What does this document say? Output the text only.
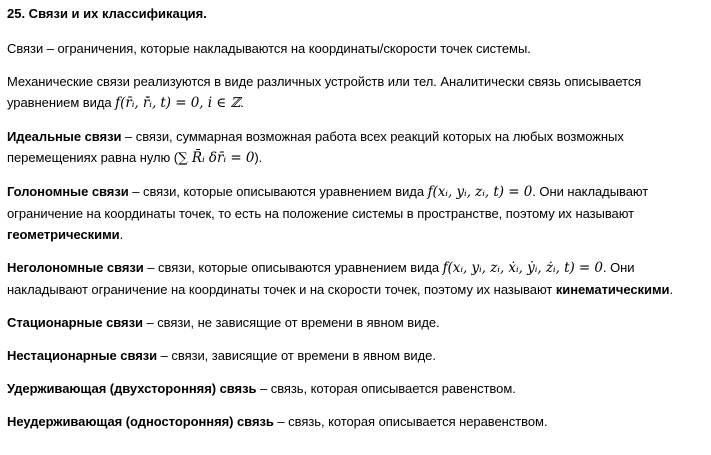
25. Связи и их классификация.
Связи – ограничения, которые накладываются на координаты/скорости точек системы.
Механические связи реализуются в виде различных устройств или тел. Аналитически связь описывается уравнением вида f(r̄ᵢ, r̄̇ᵢ, t) = 0, i ∈ ℤ.
Идеальные связи – связи, суммарная возможная работа всех реакций которых на любых возможных перемещениях равна нулю (∑ R̄ᵢ δr̄ᵢ = 0).
Голономные связи – связи, которые описываются уравнением вида f(xᵢ, yᵢ, zᵢ, t) = 0. Они накладывают ограничение на координаты точек, то есть на положение системы в пространстве, поэтому их называют геометрическими.
Неголономные связи – связи, которые описываются уравнением вида f(xᵢ, yᵢ, zᵢ, ẋᵢ, ẏᵢ, żᵢ, t) = 0. Они накладывают ограничение на координаты точек и на скорости точек, поэтому их называют кинематическими.
Стационарные связи – связи, не зависящие от времени в явном виде.
Нестационарные связи – связи, зависящие от времени в явном виде.
Удерживающая (двухсторонняя) связь – связь, которая описывается равенством.
Неудерживающая (односторонняя) связь – связь, которая описывается неравенством.
